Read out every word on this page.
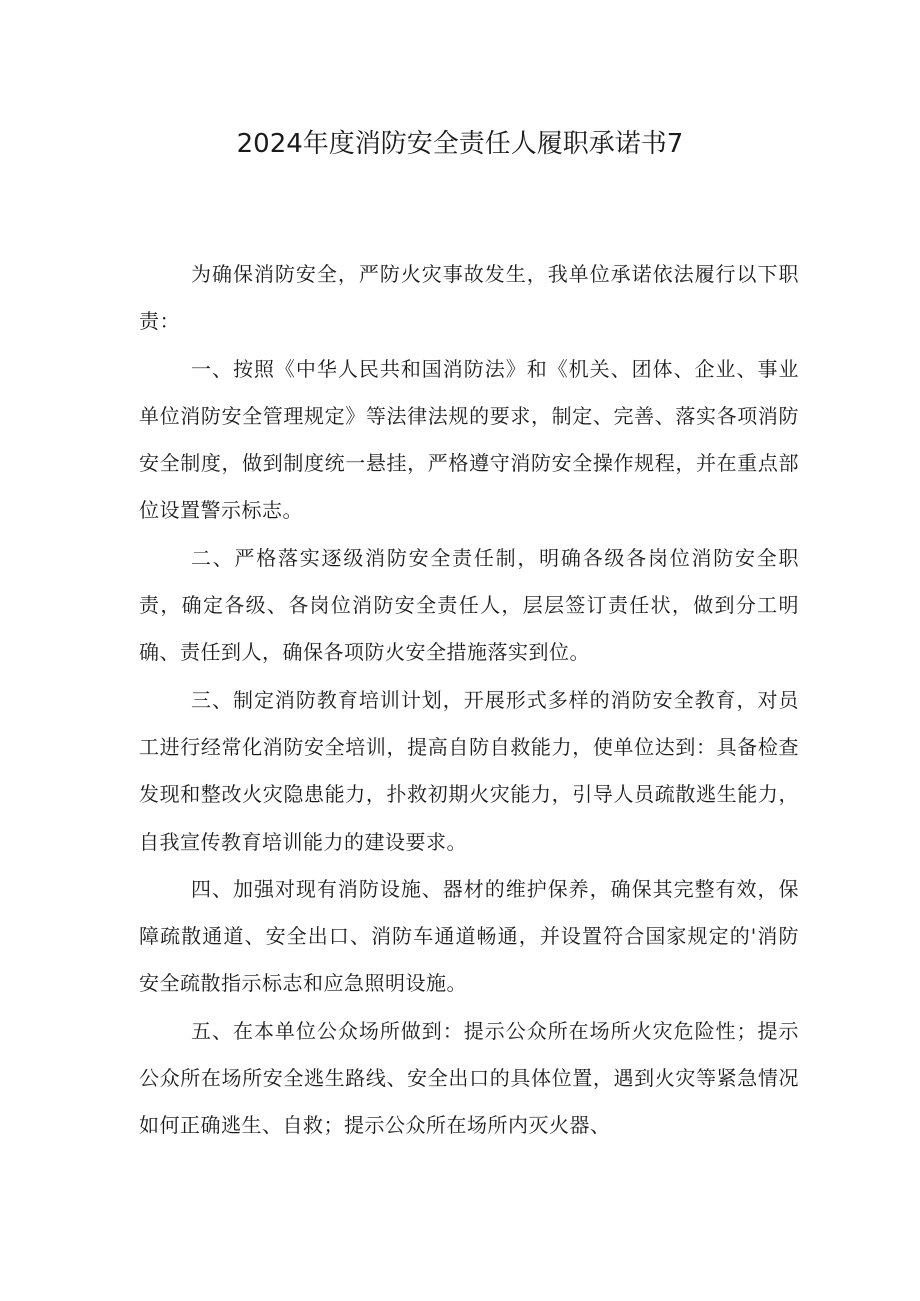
2024年度消防安全责任人履职承诺书7

为确保消防安全，严防火灾事故发生，我单位承诺依法履行以下职责：

一、按照《中华人民共和国消防法》和《机关、团体、企业、事业单位消防安全管理规定》等法律法规的要求，制定、完善、落实各项消防安全制度，做到制度统一悬挂，严格遵守消防安全操作规程，并在重点部位设置警示标志。

二、严格落实逐级消防安全责任制，明确各级各岗位消防安全职责，确定各级、各岗位消防安全责任人，层层签订责任状，做到分工明确、责任到人，确保各项防火安全措施落实到位。

三、制定消防教育培训计划，开展形式多样的消防安全教育，对员工进行经常化消防安全培训，提高自防自救能力，使单位达到：具备检查发现和整改火灾隐患能力，扑救初期火灾能力，引导人员疏散逃生能力，自我宣传教育培训能力的建设要求。

四、加强对现有消防设施、器材的维护保养，确保其完整有效，保障疏散通道、安全出口、消防车通道畅通，并设置符合国家规定的'消防安全疏散指示标志和应急照明设施。

五、在本单位公众场所做到：提示公众所在场所火灾危险性；提示公众所在场所安全逃生路线、安全出口的具体位置，遇到火灾等紧急情况如何正确逃生、自救；提示公众所在场所内灭火器、
